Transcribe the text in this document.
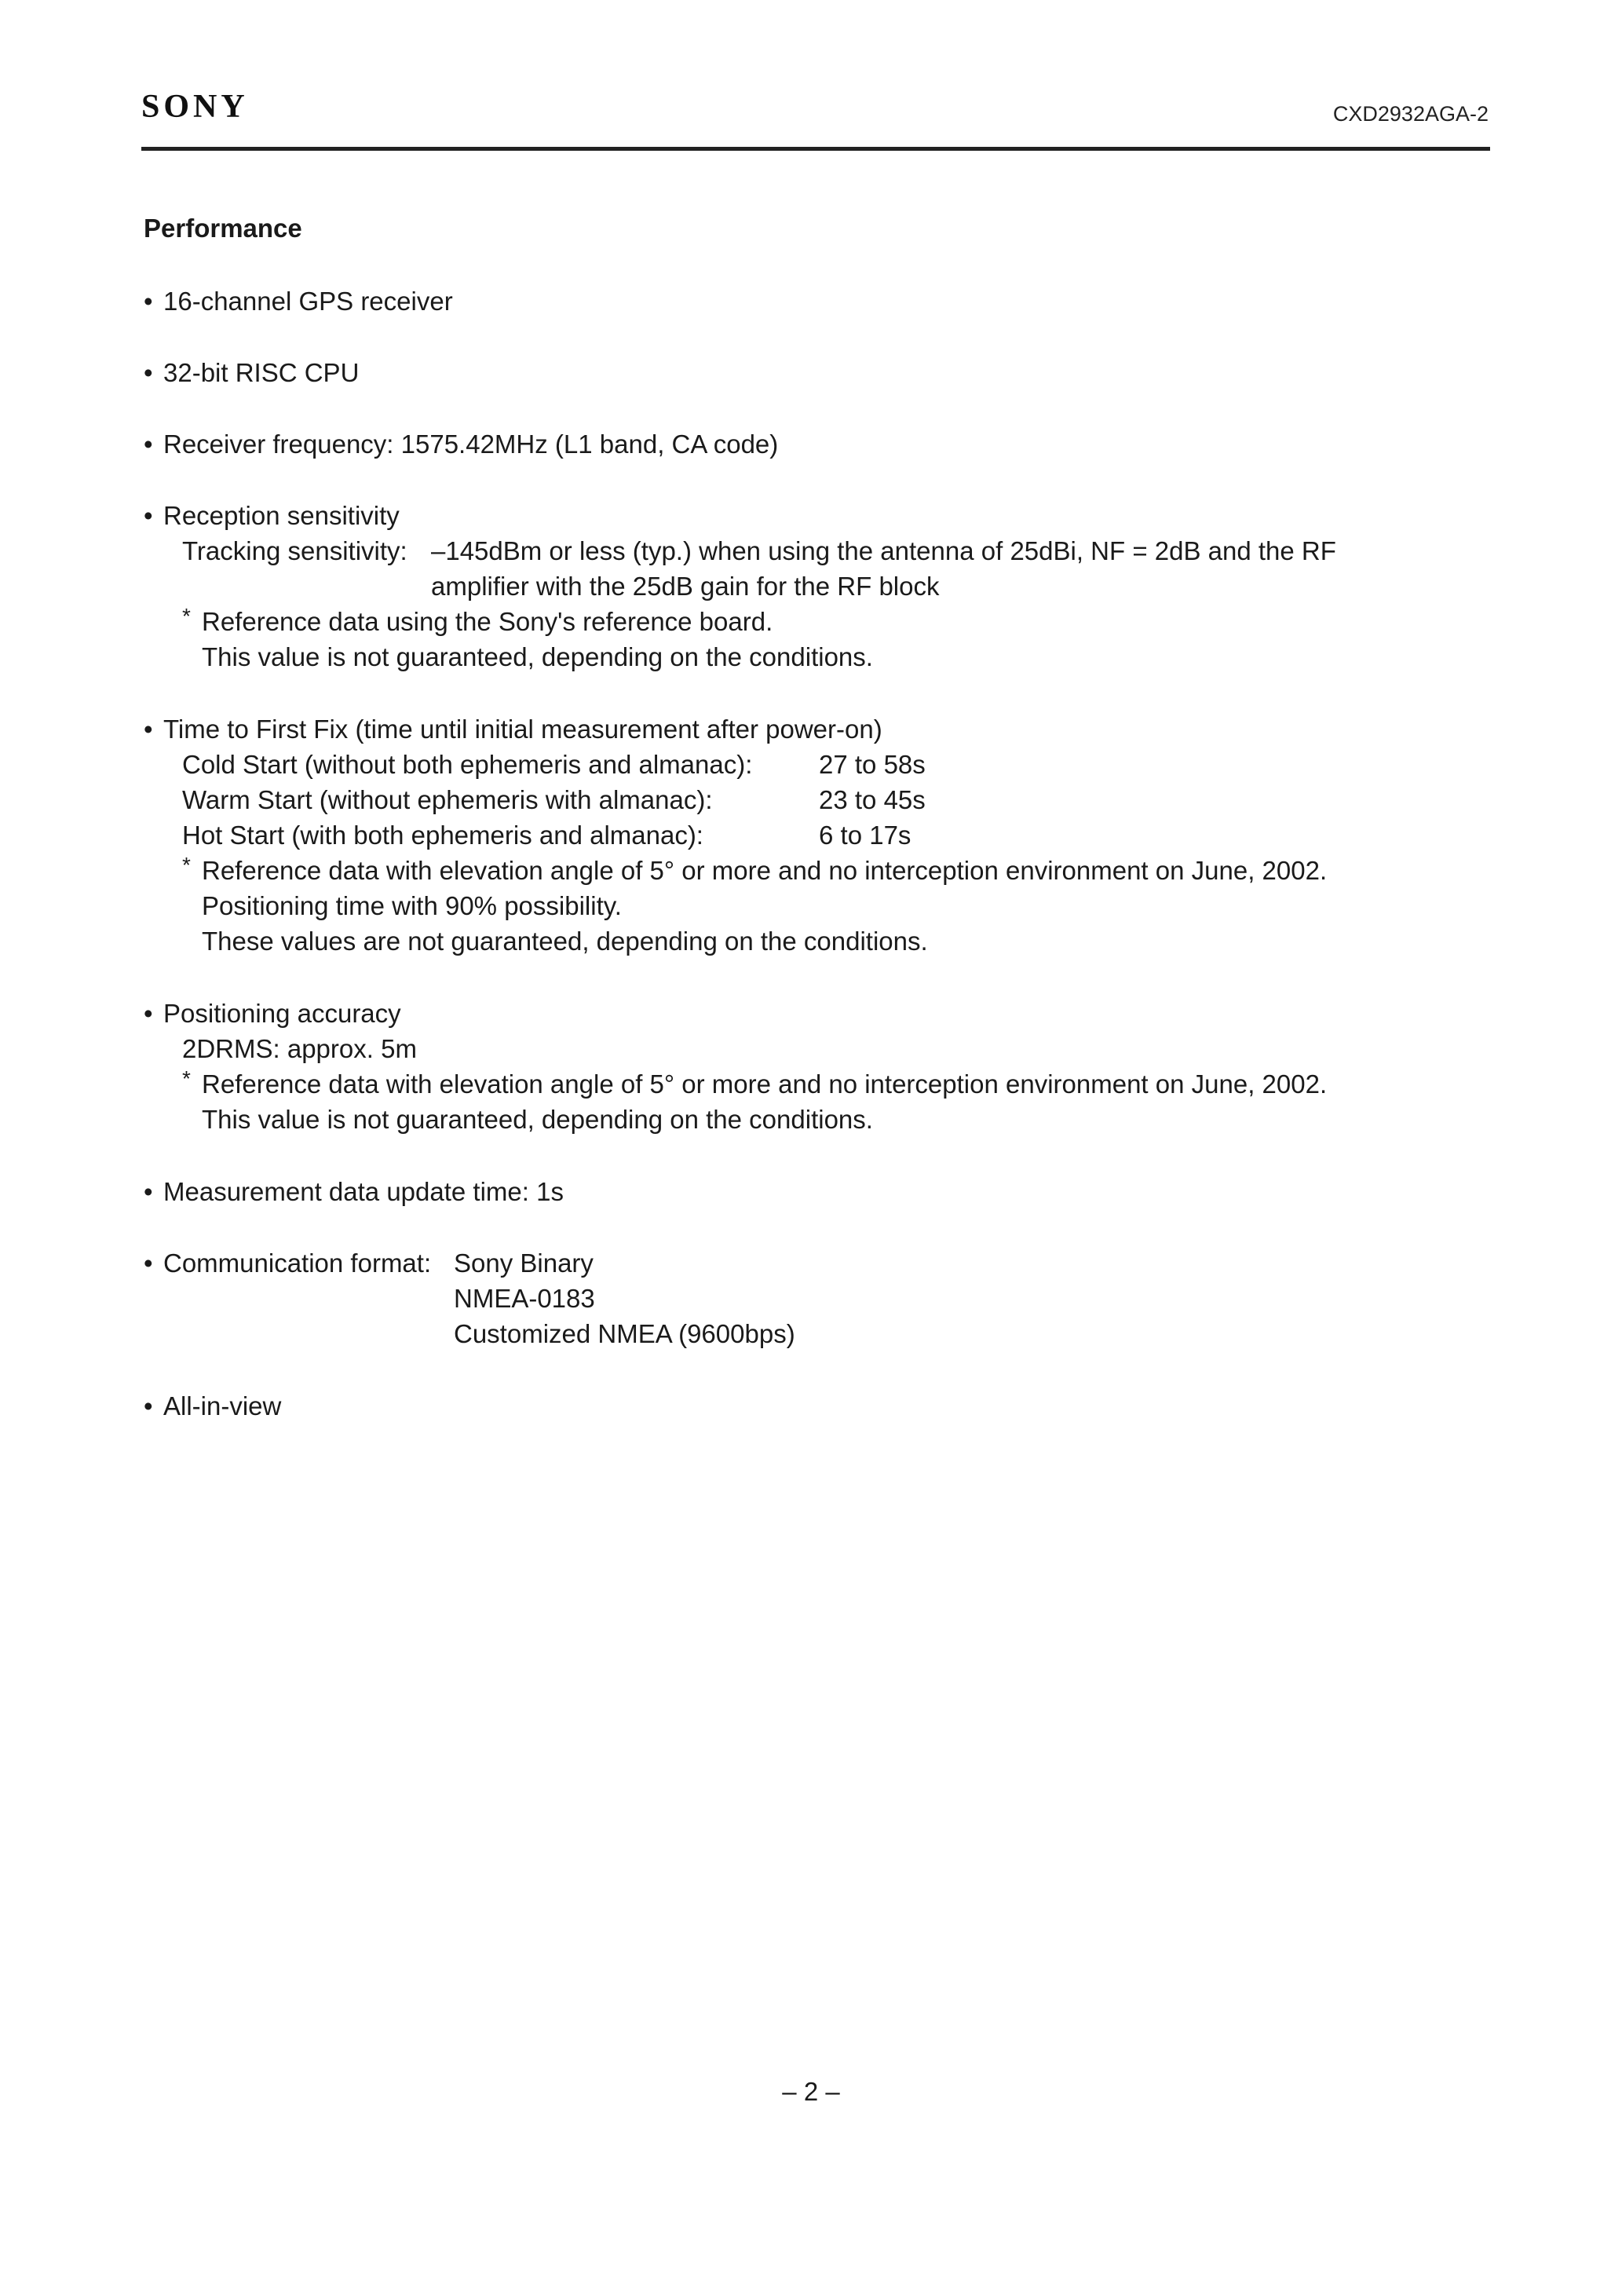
SONY	CXD2932AGA-2
Performance
• 16-channel GPS receiver
• 32-bit RISC CPU
• Receiver frequency: 1575.42MHz (L1 band, CA code)
• Reception sensitivity
Tracking sensitivity: –145dBm or less (typ.) when using the antenna of 25dBi, NF = 2dB and the RF
amplifier with the 25dB gain for the RF block
* Reference data using the Sony's reference board.
This value is not guaranteed, depending on the conditions.
• Time to First Fix (time until initial measurement after power-on)
Cold Start (without both ephemeris and almanac):	27 to 58s
Warm Start (without ephemeris with almanac):	23 to 45s
Hot Start (with both ephemeris and almanac):	6 to 17s
* Reference data with elevation angle of 5° or more and no interception environment on June, 2002.
Positioning time with 90% possibility.
These values are not guaranteed, depending on the conditions.
• Positioning accuracy
2DRMS: approx. 5m
* Reference data with elevation angle of 5° or more and no interception environment on June, 2002.
This value is not guaranteed, depending on the conditions.
• Measurement data update time: 1s
• Communication format: Sony Binary
NMEA-0183
Customized NMEA (9600bps)
• All-in-view
– 2 –
